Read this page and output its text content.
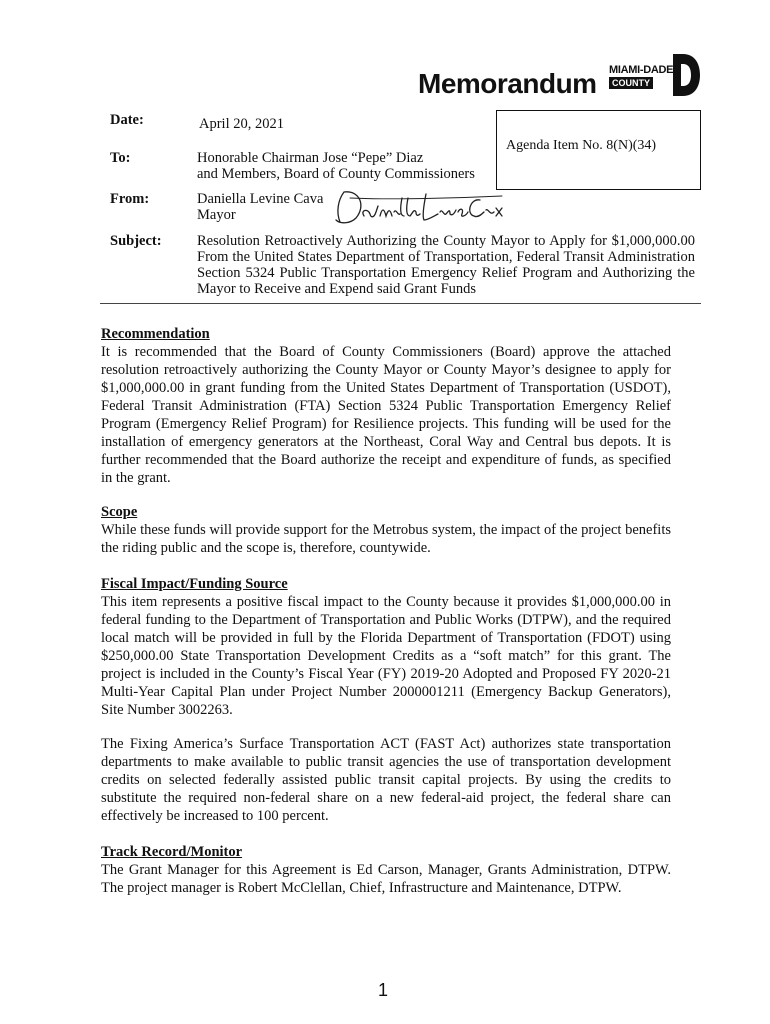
Memorandum MIAMI-DADE
COUNTY
Date:	April 20, 2021
To:	Honorable Chairman Jose “Pepe” Diaz
and Members, Board of County Commissioners
Agenda Item No. 8(N)(34)
From:	Daniella Levine Cava
Mayor
Subject: Resolution Retroactively Authorizing the County Mayor to Apply for $1,000,000.00 From the United States Department of Transportation, Federal Transit Administration Section 5324 Public Transportation Emergency Relief Program and Authorizing the Mayor to Receive and Expend said Grant Funds
Recommendation
It is recommended that the Board of County Commissioners (Board) approve the attached resolution retroactively authorizing the County Mayor or County Mayor’s designee to apply for $1,000,000.00 in grant funding from the United States Department of Transportation (USDOT), Federal Transit Administration (FTA) Section 5324 Public Transportation Emergency Relief Program (Emergency Relief Program) for Resilience projects. This funding will be used for the installation of emergency generators at the Northeast, Coral Way and Central bus depots. It is further recommended that the Board authorize the receipt and expenditure of funds, as specified in the grant.
Scope
While these funds will provide support for the Metrobus system, the impact of the project benefits the riding public and the scope is, therefore, countywide.
Fiscal Impact/Funding Source
This item represents a positive fiscal impact to the County because it provides $1,000,000.00 in federal funding to the Department of Transportation and Public Works (DTPW), and the required local match will be provided in full by the Florida Department of Transportation (FDOT) using $250,000.00 State Transportation Development Credits as a “soft match” for this grant. The project is included in the County’s Fiscal Year (FY) 2019-20 Adopted and Proposed FY 2020-21 Multi-Year Capital Plan under Project Number 2000001211 (Emergency Backup Generators), Site Number 3002263.
The Fixing America’s Surface Transportation ACT (FAST Act) authorizes state transportation departments to make available to public transit agencies the use of transportation development credits on selected federally assisted public transit capital projects. By using the credits to substitute the required non-federal share on a new federal-aid project, the federal share can effectively be increased to 100 percent.
Track Record/Monitor
The Grant Manager for this Agreement is Ed Carson, Manager, Grants Administration, DTPW. The project manager is Robert McClellan, Chief, Infrastructure and Maintenance, DTPW.
1
